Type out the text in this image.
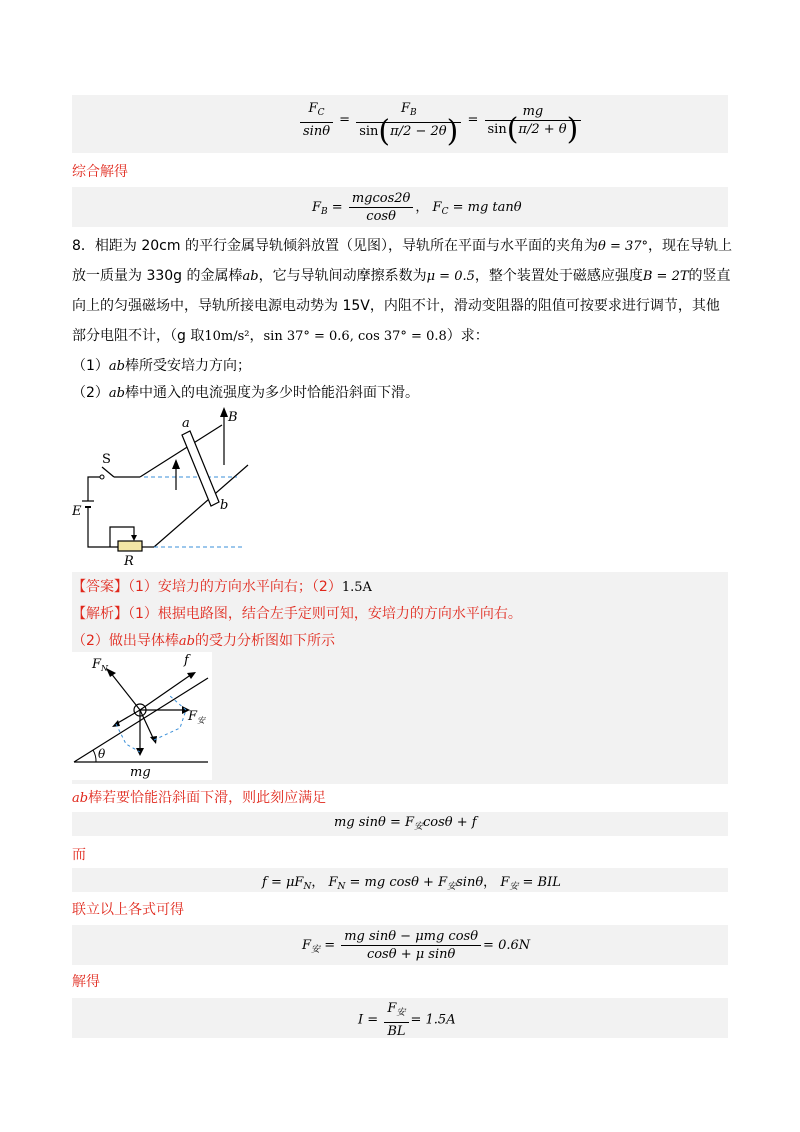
$\frac{F_C}{\sin\theta} = \frac{F_B}{\sin(\pi/2 - 2\theta)} = \frac{mg}{\sin(\pi/2 + \theta)}$
综合解得
$F_B = \frac{mgcos2\theta}{\cos\theta}$ ， $F_C$ = mg tanθ
8．相距为 20cm 的平行金属导轨倾斜放置（见图），导轨所在平面与水平面的夹角为θ = 37°，现在导轨上
放一质量为 330g 的金属棒ab，它与导轨间动摩擦系数为μ = 0.5，整个装置处于磁感应强度B = 2T的竖直
向上的匀强磁场中，导轨所接电源电动势为 15V，内阻不计，滑动变阻器的阻值可按要求进行调节，其他
部分电阻不计，（g 取10m/s²，sin 37° = 0.6, cos 37° = 0.8）求：
（1）ab棒所受安培力方向；
（2）ab棒中通入的电流强度为多少时恰能沿斜面下滑。
a
b
B
S
E
R
【答案】（1）安培力的方向水平向右；（2）1.5A
【解析】（1）根据电路图，结合左手定则可知，安培力的方向水平向右。
（2）做出导体棒ab的受力分析图如下所示
$F_N$
f
$F_安$
θ
mg
ab棒若要恰能沿斜面下滑，则此刻应满足
mg $\sin\theta = F_安\cos\theta + f$
而
$f = \mu F_N$， $F_N$ = mg $\cos\theta + F_安\sin\theta$， $F_安$ = BIL
联立以上各式可得
$F_安 = \frac{\text{mg sinθ − μmg cosθ}}{\text{cosθ + μ sinθ}} = 0.6N$
解得
$I = \frac{F_安}{BL} = 1.5A$
